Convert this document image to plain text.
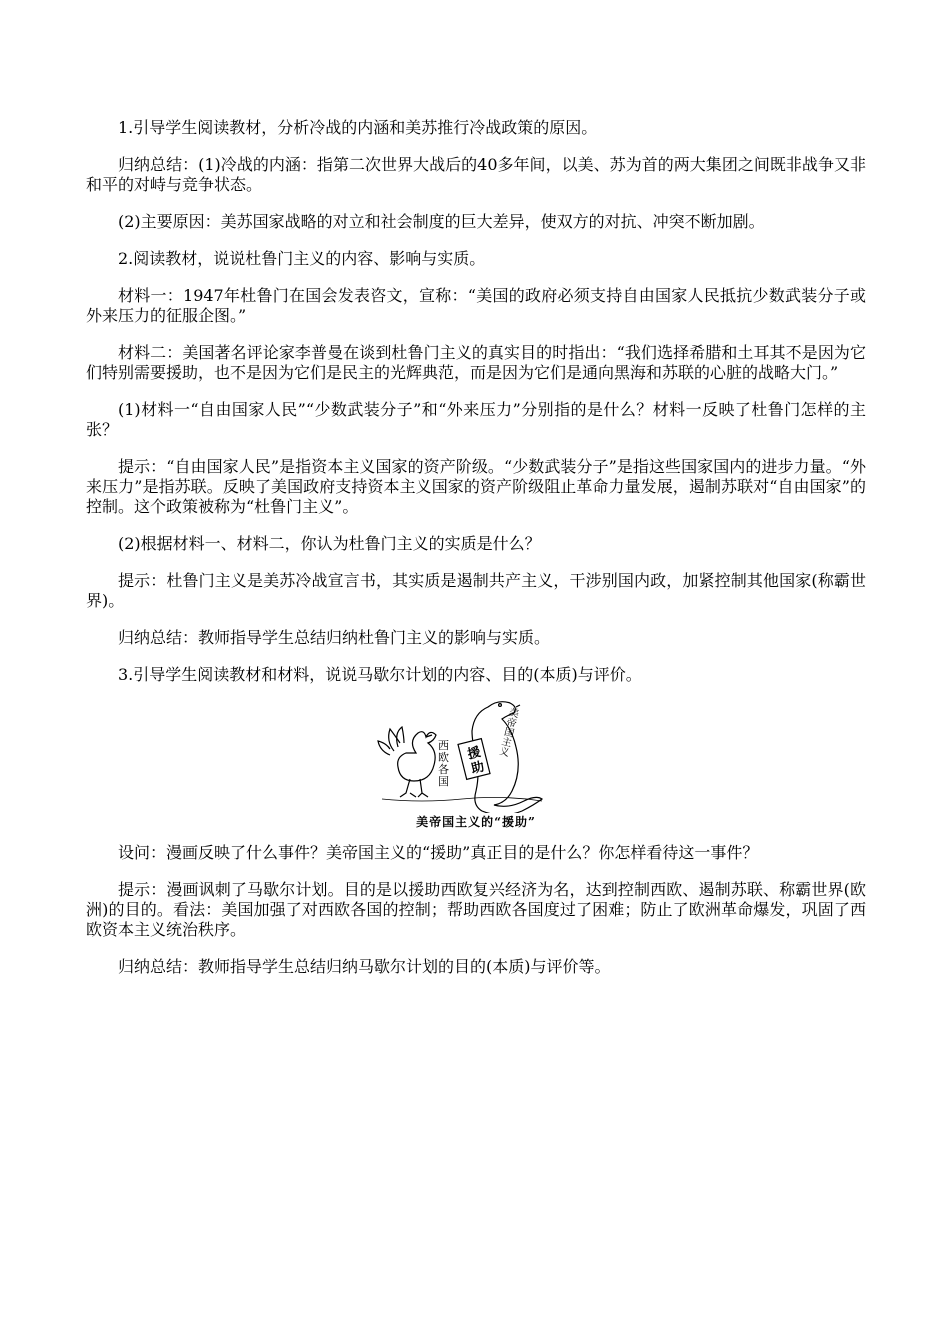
1.引导学生阅读教材，分析冷战的内涵和美苏推行冷战政策的原因。

归纳总结：(1)冷战的内涵：指第二次世界大战后的40多年间，以美、苏为首的两大集团之间既非战争又非和平的对峙与竞争状态。

(2)主要原因：美苏国家战略的对立和社会制度的巨大差异，使双方的对抗、冲突不断加剧。

2.阅读教材，说说杜鲁门主义的内容、影响与实质。

材料一：1947年杜鲁门在国会发表咨文，宣称：“美国的政府必须支持自由国家人民抵抗少数武装分子或外来压力的征服企图。”

材料二：美国著名评论家李普曼在谈到杜鲁门主义的真实目的时指出：“我们选择希腊和土耳其不是因为它们特别需要援助，也不是因为它们是民主的光辉典范，而是因为它们是通向黑海和苏联的心脏的战略大门。”

(1)材料一“自由国家人民”“少数武装分子”和“外来压力”分别指的是什么？材料一反映了杜鲁门怎样的主张？

提示：“自由国家人民”是指资本主义国家的资产阶级。“少数武装分子”是指这些国家国内的进步力量。“外来压力”是指苏联。反映了美国政府支持资本主义国家的资产阶级阻止革命力量发展，遏制苏联对“自由国家”的控制。这个政策被称为“杜鲁门主义”。

(2)根据材料一、材料二，你认为杜鲁门主义的实质是什么？

提示：杜鲁门主义是美苏冷战宣言书，其实质是遏制共产主义，干涉别国内政，加紧控制其他国家(称霸世界)。

归纳总结：教师指导学生总结归纳杜鲁门主义的影响与实质。

3.引导学生阅读教材和材料，说说马歇尔计划的内容、目的(本质)与评价。

西欧各国
援助
美帝国主义
美帝国主义的“援助”

设问：漫画反映了什么事件？美帝国主义的“援助”真正目的是什么？你怎样看待这一事件？

提示：漫画讽刺了马歇尔计划。目的是以援助西欧复兴经济为名，达到控制西欧、遏制苏联、称霸世界(欧洲)的目的。看法：美国加强了对西欧各国的控制；帮助西欧各国度过了困难；防止了欧洲革命爆发，巩固了西欧资本主义统治秩序。

归纳总结：教师指导学生总结归纳马歇尔计划的目的(本质)与评价等。
